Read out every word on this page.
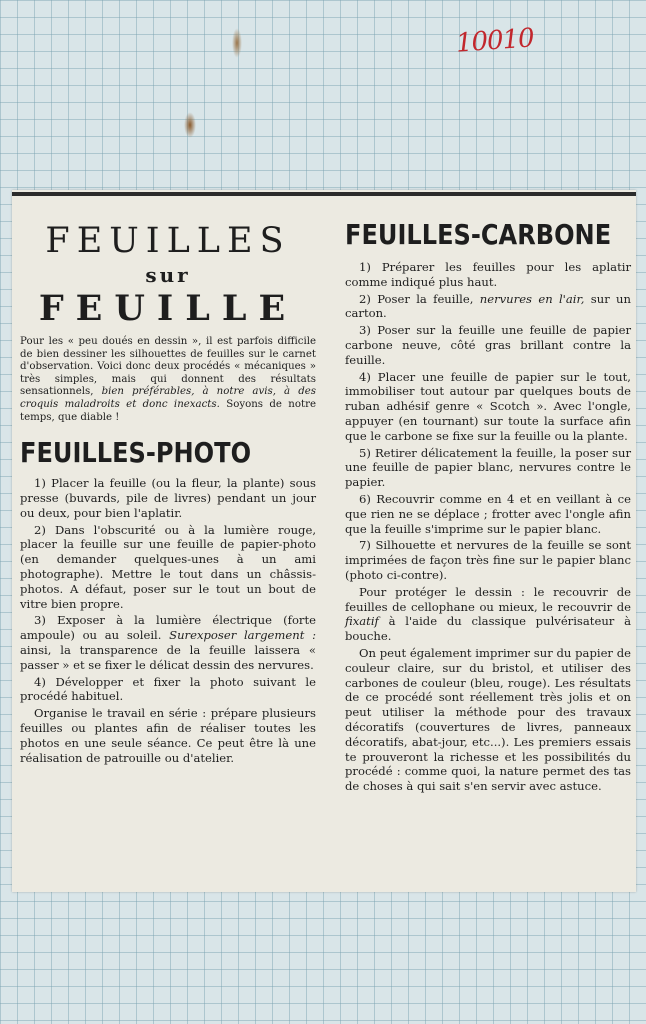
10010
FEUILLES
sur
FEUILLE

Pour les « peu doués en dessin », il est parfois difficile de bien dessiner les silhouettes de feuilles sur le carnet d'observation. Voici donc deux procédés « mécaniques » très simples, mais qui donnent des résultats sensationnels, bien préférables, à notre avis, à des croquis maladroits et donc inexacts. Soyons de notre temps, que diable !

FEUILLES-PHOTO

1) Placer la feuille (ou la fleur, la plante) sous presse (buvards, pile de livres) pendant un jour ou deux, pour bien l'aplatir.

2) Dans l'obscurité ou à la lumière rouge, placer la feuille sur une feuille de papier-photo (en demander quelques-unes à un ami photographe). Mettre le tout dans un châssis-photos. A défaut, poser sur le tout un bout de vitre bien propre.

3) Exposer à la lumière électrique (forte ampoule) ou au soleil. Surexposer largement : ainsi, la transparence de la feuille laissera « passer » et se fixer le délicat dessin des nervures.

4) Développer et fixer la photo suivant le procédé habituel.

Organise le travail en série : prépare plusieurs feuilles ou plantes afin de réaliser toutes les photos en une seule séance. Ce peut être là une réalisation de patrouille ou d'atelier.

FEUILLES-CARBONE

1) Préparer les feuilles pour les aplatir comme indiqué plus haut.

2) Poser la feuille, nervures en l'air, sur un carton.

3) Poser sur la feuille une feuille de papier carbone neuve, côté gras brillant contre la feuille.

4) Placer une feuille de papier sur le tout, immobiliser tout autour par quelques bouts de ruban adhésif genre « Scotch ». Avec l'ongle, appuyer (en tournant) sur toute la surface afin que le carbone se fixe sur la feuille ou la plante.

5) Retirer délicatement la feuille, la poser sur une feuille de papier blanc, nervures contre le papier.

6) Recouvrir comme en 4 et en veillant à ce que rien ne se déplace ; frotter avec l'ongle afin que la feuille s'imprime sur le papier blanc.

7) Silhouette et nervures de la feuille se sont imprimées de façon très fine sur le papier blanc (photo ci-contre).

Pour protéger le dessin : le recouvrir de feuilles de cellophane ou mieux, le recouvrir de fixatif à l'aide du classique pulvérisateur à bouche.

On peut également imprimer sur du papier de couleur claire, sur du bristol, et utiliser des carbones de couleur (bleu, rouge). Les résultats de ce procédé sont réellement très jolis et on peut utiliser la méthode pour des travaux décoratifs (couvertures de livres, panneaux décoratifs, abat-jour, etc...). Les premiers essais te prouveront la richesse et les possibilités du procédé : comme quoi, la nature permet des tas de choses à qui sait s'en servir avec astuce.
